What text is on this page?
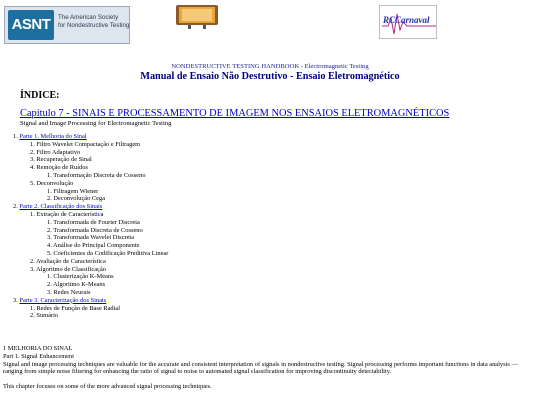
ASNT	The American Society
for Nondestructive Testing
RCCarnaval
NONDESTRUCTIVE TESTING HANDBOOK - Electromagnetic Testing
Manual de Ensaio Não Destrutivo - Ensaio Eletromagnético
ÍNDICE:
Capítulo 7 - SINAIS E PROCESSAMENTO DE IMAGEM NOS ENSAIOS ELETROMAGNÉTICOS
Signal and Image Processing for Electromagnetic Testing
1. Parte 1. Melhoria do Sinal
1. Filtro Wavelet Compactação e Filtragem
2. Filtro Adaptativo
3. Recuperação de Sinal
4. Remoção de Ruídos
1. Transformação Discreta de Cosseno
5. Deconvolução
1. Filtragem Wiener
2. Deconvolução Cega
2. Parte 2. Classificação dos Sinais
1. Extração de Característica
1. Transformada de Fourier Discreta
2. Transformada Discreta de Cosseno
3. Transformada Wavelet Discreta
4. Análise do Principal Componente
5. Coeficientes da Codificação Preditiva Linear
2. Avaliação de Característica
3. Algoritmo de Classificação
1. Clusterização K-Means
2. Algoritmo K-Means
3. Redes Neurais
3. Parte 3. Caracterização dos Sinais
1. Redes de Função de Base Radial
2. Sumário

1 MELHORIA DO SINAL

Part 1. Signal Enhancement

Signal and image processing techniques are valuable for the accurate and consistent interpretation of signals in nondestructive testing. Signal processing performs important functions in data analysis — ranging from simple noise filtering for enhancing the ratio of signal to noise to automated signal classification for improving discontinuity detectability.

This chapter focuses on some of the more advanced signal processing techniques.
